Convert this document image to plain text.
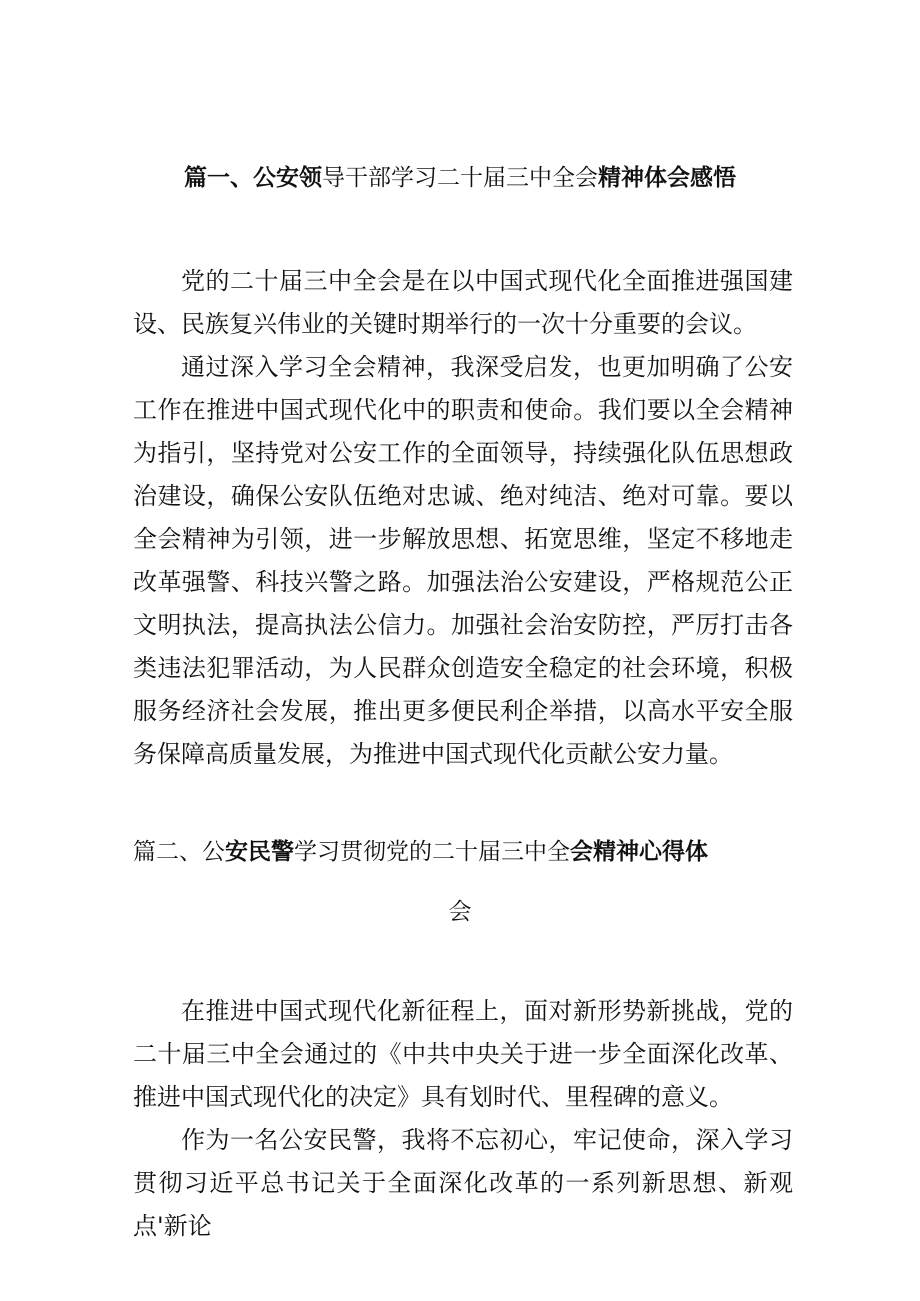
篇一、公安领导干部学习二十届三中全会精神体会感悟

党的二十届三中全会是在以中国式现代化全面推进强国建设、民族复兴伟业的关键时期举行的一次十分重要的会议。

通过深入学习全会精神，我深受启发，也更加明确了公安工作在推进中国式现代化中的职责和使命。我们要以全会精神为指引，坚持党对公安工作的全面领导，持续强化队伍思想政治建设，确保公安队伍绝对忠诚、绝对纯洁、绝对可靠。要以全会精神为引领，进一步解放思想、拓宽思维，坚定不移地走改革强警、科技兴警之路。加强法治公安建设，严格规范公正文明执法，提高执法公信力。加强社会治安防控，严厉打击各类违法犯罪活动，为人民群众创造安全稳定的社会环境，积极服务经济社会发展，推出更多便民利企举措，以高水平安全服务保障高质量发展，为推进中国式现代化贡献公安力量。

篇二、公安民警学习贯彻党的二十届三中全会精神心得体
会

在推进中国式现代化新征程上，面对新形势新挑战，党的二十届三中全会通过的《中共中央关于进一步全面深化改革、推进中国式现代化的决定》具有划时代、里程碑的意义。

作为一名公安民警，我将不忘初心，牢记使命，深入学习贯彻习近平总书记关于全面深化改革的一系列新思想、新观点'新论
